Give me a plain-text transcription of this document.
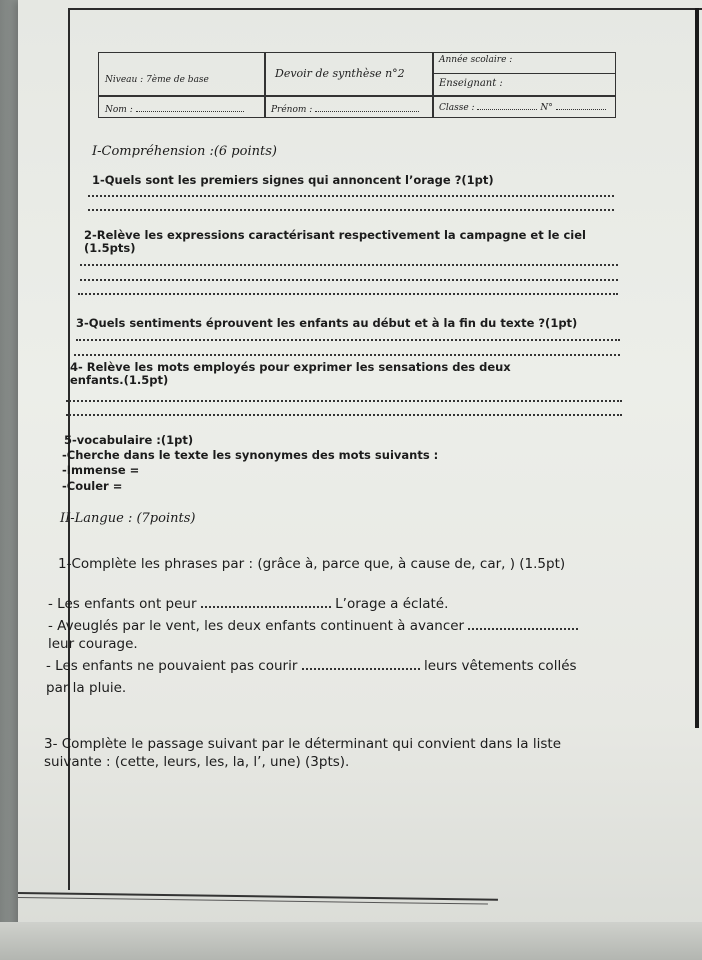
Niveau : 7ème de base	Devoir de synthèse n°2
Année scolaire :
Enseignant :
Nom :	Prénom :	Classe :	N°
I-Compréhension :(6 points)
1-Quels sont les premiers signes qui annoncent l’orage ?(1pt)
2-Relève les expressions caractérisant respectivement la campagne et le ciel
(1.5pts)
3-Quels sentiments éprouvent les enfants au début et à la fin du texte ?(1pt)
4- Relève les mots employés pour exprimer les sensations des deux
enfants.(1.5pt)
5-vocabulaire :(1pt)
-Cherche dans le texte les synonymes des mots suivants :
-Immense =
-Couler =
II-Langue : (7points)
1-Complète les phrases par : (grâce à, parce que, à cause de, car, ) (1.5pt)
- Les enfants ont peur	L’orage a éclaté.
- Aveuglés par le vent, les deux enfants continuent à avancer
leur courage.
- Les enfants ne pouvaient pas courir	leurs vêtements collés
par la pluie.
3- Complète le passage suivant par le déterminant qui convient dans la liste
suivante : (cette, leurs, les, la, l’, une) (3pts).
